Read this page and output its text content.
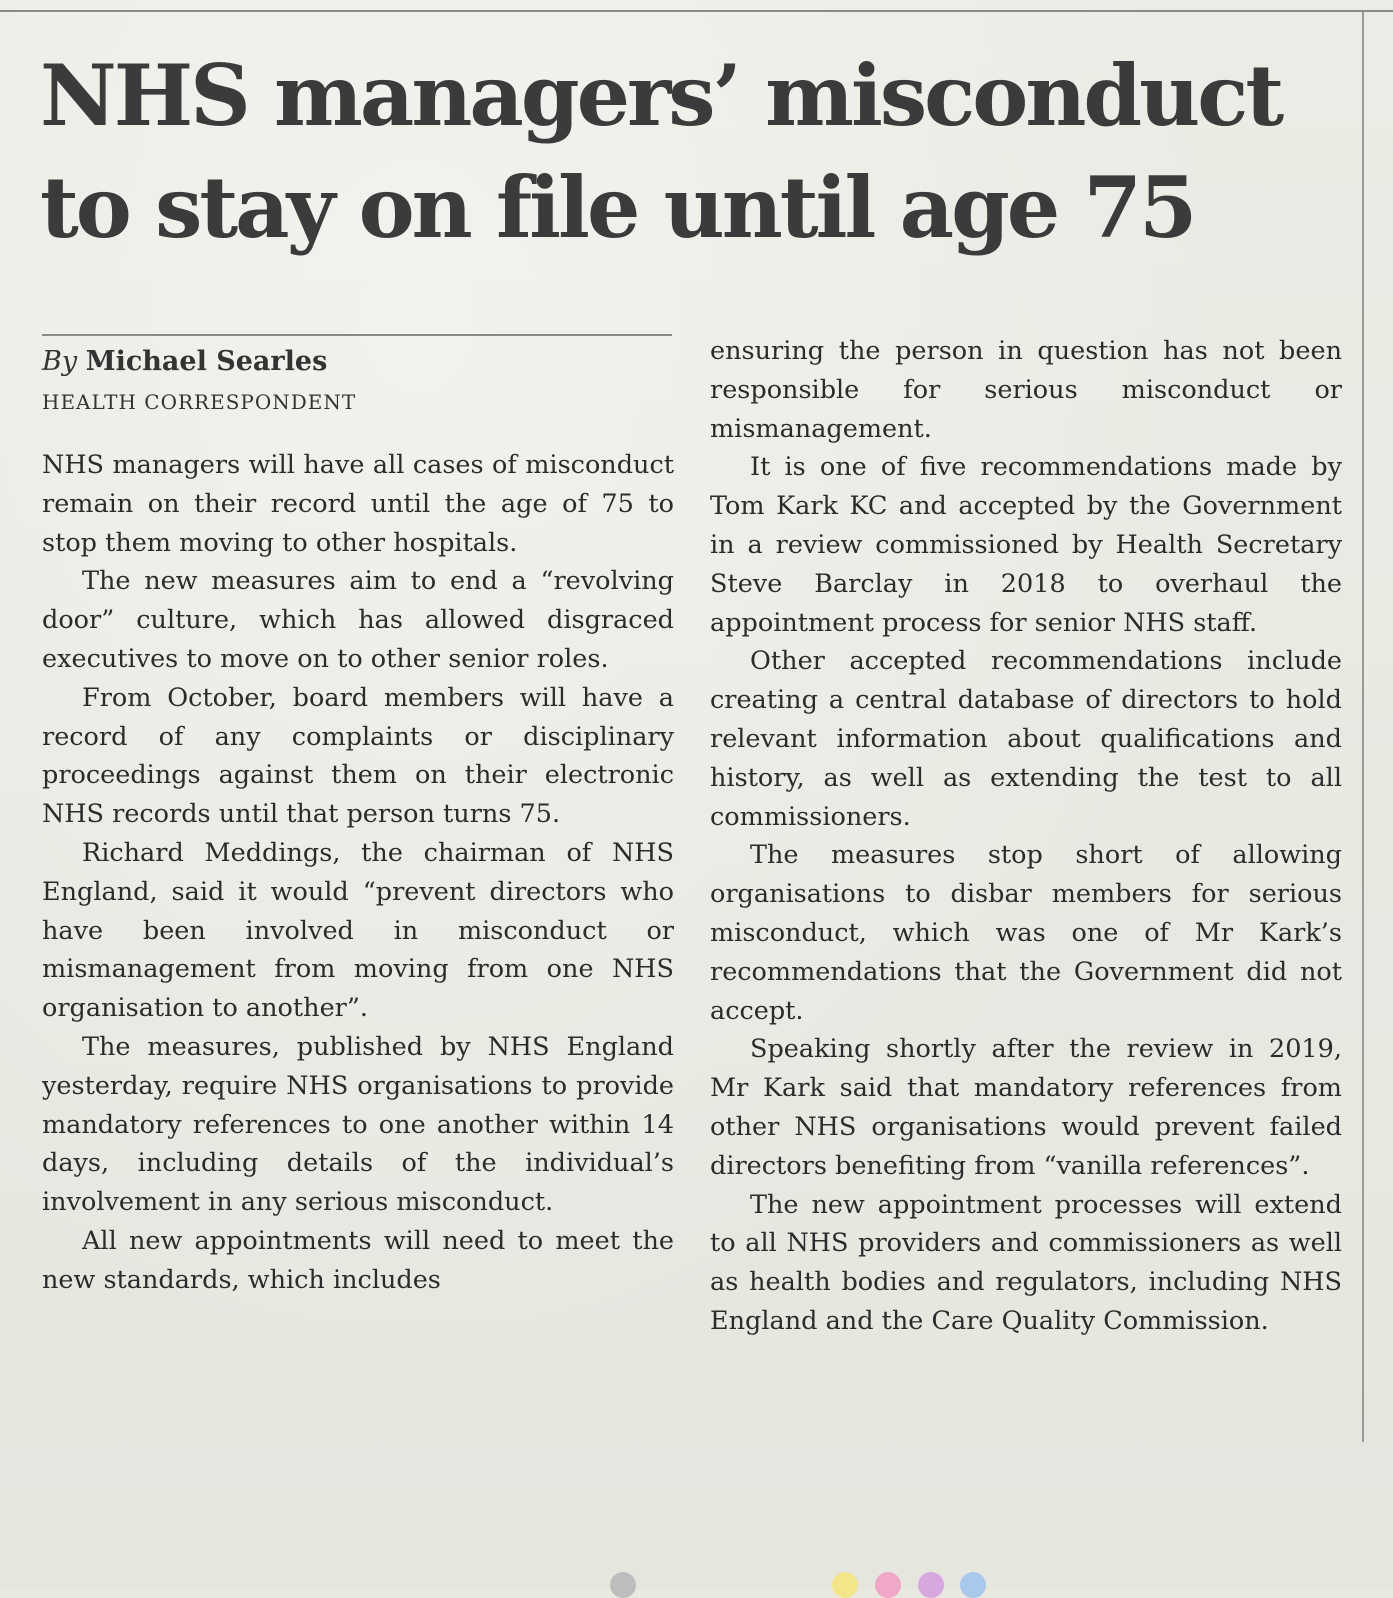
NHS managers’ misconduct
to stay on file until age 75
By Michael Searles
HEALTH CORRESPONDENT

NHS managers will have all cases of misconduct remain on their record until the age of 75 to stop them moving to other hospitals.

The new measures aim to end a “revolving door” culture, which has allowed disgraced executives to move on to other senior roles.

From October, board members will have a record of any complaints or disciplinary proceedings against them on their electronic NHS records until that person turns 75.

Richard Meddings, the chairman of NHS England, said it would “prevent directors who have been involved in misconduct or mismanagement from moving from one NHS organisation to another”.

The measures, published by NHS England yesterday, require NHS organisations to provide mandatory references to one another within 14 days, including details of the individual’s involvement in any serious misconduct.

All new appointments will need to meet the new standards, which includes

ensuring the person in question has not been responsible for serious misconduct or mismanagement.

It is one of five recommendations made by Tom Kark KC and accepted by the Government in a review commissioned by Health Secretary Steve Barclay in 2018 to overhaul the appointment process for senior NHS staff.

Other accepted recommendations include creating a central database of directors to hold relevant information about qualifications and history, as well as extending the test to all commissioners.

The measures stop short of allowing organisations to disbar members for serious misconduct, which was one of Mr Kark’s recommendations that the Government did not accept.

Speaking shortly after the review in 2019, Mr Kark said that mandatory references from other NHS organisations would prevent failed directors benefiting from “vanilla references”.

The new appointment processes will extend to all NHS providers and commissioners as well as health bodies and regulators, including NHS England and the Care Quality Commission.
